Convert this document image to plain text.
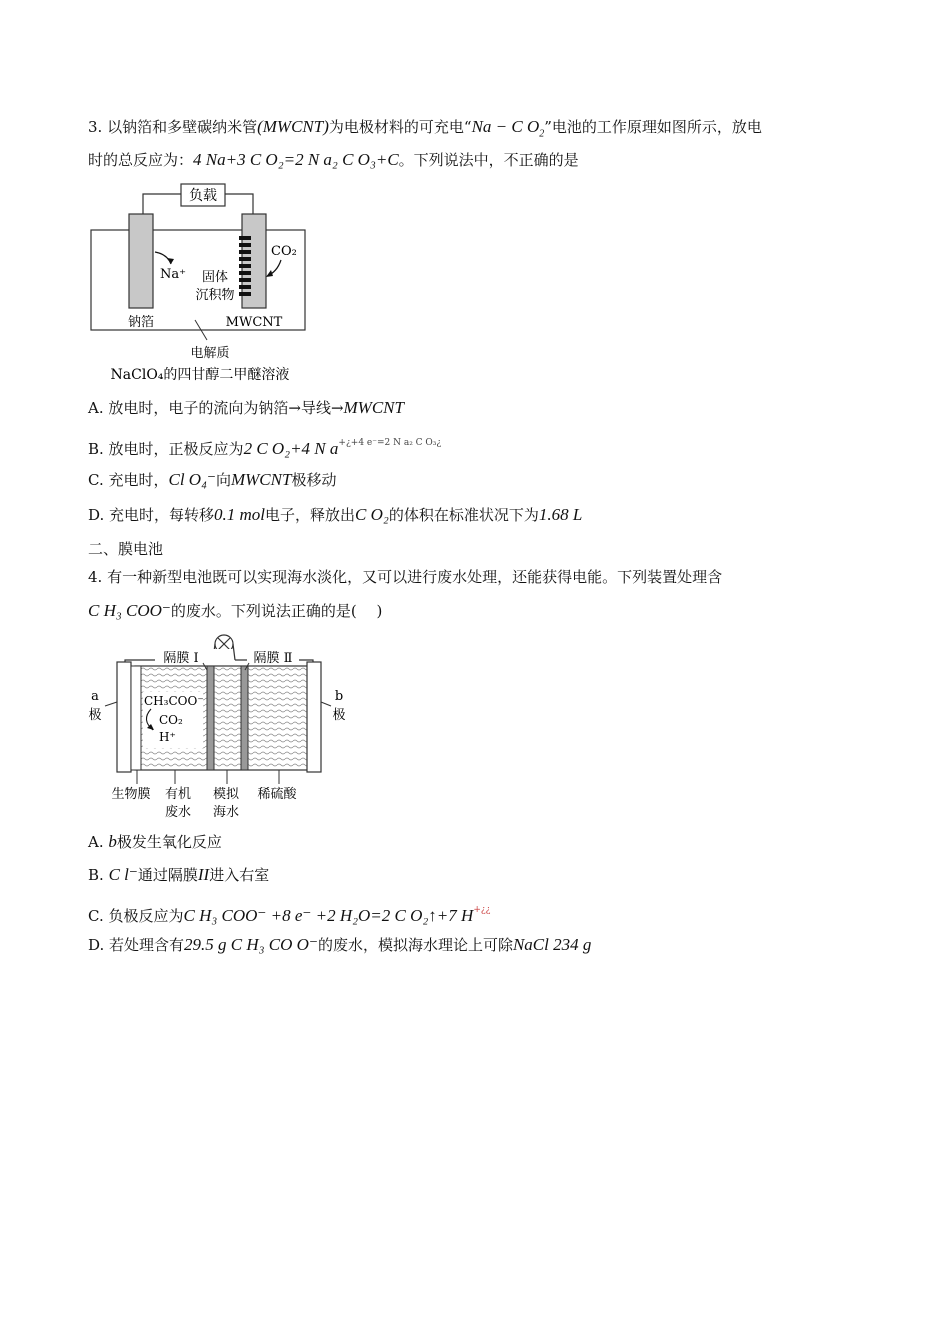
3. 以钠箔和多壁碳纳米管(MWCNT)为电极材料的可充电“Na − C $O_2$”电池的工作原理如图所示，放电
时的总反应为：4 Na+3 C O₂=2 N a₂ C O₃+C。下列说法中，不正确的是
负载
Na⁺
CO₂
固体
沉积物
钠箔	MWCNT
电解质
NaClO₄的四甘醇二甲醚溶液
A. 放电时，电子的流向为钠箔→导线→MWCNT
B. 放电时，正极反应为2 C O₂+4 N $a^{+¿+4 e^-=2 N a_2 C O_3¿}$
C. 充电时，Cl O₄⁻向MWCNT极移动
D. 充电时，每转移0.1 mol电子，释放出C O₂的体积在标准状况下为1.68 L
二、膜电池
4. 有一种新型电池既可以实现海水淡化，又可以进行废水处理，还能获得电能。下列装置处理含
C H₃ COO⁻的废水。下列说法正确的是(　 )
隔膜 Ⅰ	隔膜 Ⅱ
CH₃COO⁻
CO₂
H⁺
a
极
b
极
生物膜 有机
废水
模拟
海水
稀硫酸
A. b极发生氧化反应
B. C l⁻通过隔膜II进入右室
C. 负极反应为C H₃ COO⁻ +8 e⁻ +2 H₂O=2 C O₂↑+7 H+¿¿
D. 若处理含有29.5 g C H₃ CO O⁻的废水，模拟海水理论上可除NaCl 234 g
